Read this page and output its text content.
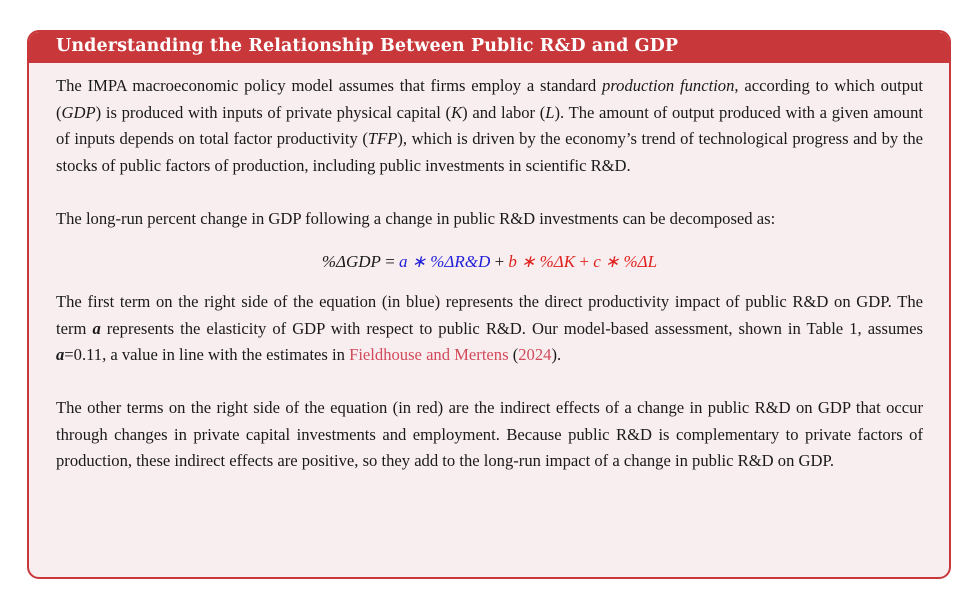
Understanding the Relationship Between Public R&D and GDP

The IMPA macroeconomic policy model assumes that firms employ a standard production function, according to which output (GDP) is produced with inputs of private physical capital (K) and labor (L). The amount of output produced with a given amount of inputs depends on total factor productivity (TFP), which is driven by the economy’s trend of technological progress and by the stocks of public factors of production, including public investments in scientific R&D.

The long-run percent change in GDP following a change in public R&D investments can be decomposed as:

%ΔGDP = a ∗ %ΔR&D + b ∗ %ΔK + c ∗ %ΔL

The first term on the right side of the equation (in blue) represents the direct productivity impact of public R&D on GDP. The term a represents the elasticity of GDP with respect to public R&D. Our model-based assessment, shown in Table 1, assumes a=0.11, a value in line with the estimates in Fieldhouse and Mertens (2024).

The other terms on the right side of the equation (in red) are the indirect effects of a change in public R&D on GDP that occur through changes in private capital investments and employment. Because public R&D is complementary to private factors of production, these indirect effects are positive, so they add to the long-run impact of a change in public R&D on GDP.
